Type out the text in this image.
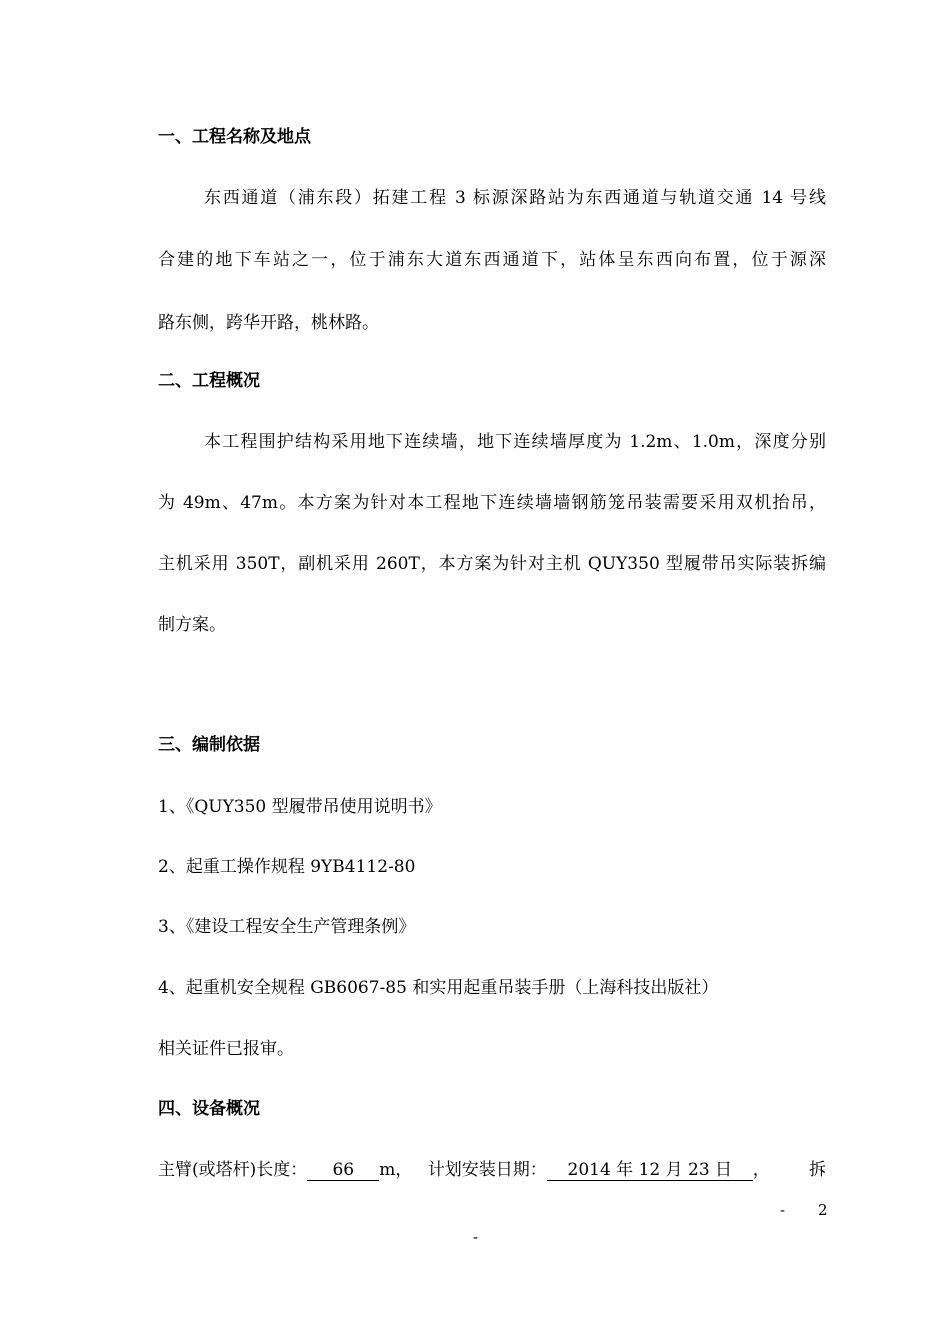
一、工程名称及地点
东西通道（浦东段）拓建工程 3 标源深路站为东西通道与轨道交通 14 号线
合建的地下车站之一，位于浦东大道东西通道下，站体呈东西向布置，位于源深
路东侧，跨华开路，桃林路。
二、工程概况
本工程围护结构采用地下连续墙，地下连续墙厚度为 1.2m、1.0m，深度分别
为 49m、47m。本方案为针对本工程地下连续墙墙钢筋笼吊装需要采用双机抬吊，
主机采用 350T，副机采用 260T，本方案为针对主机 QUY350 型履带吊实际装拆编
制方案。
三、编制依据
1、《QUY350 型履带吊使用说明书》
2、起重工操作规程 9YB4112-80
3、《建设工程安全生产管理条例》
4、起重机安全规程 GB6067-85 和实用起重吊装手册（上海科技出版社）
相关证件已报审。
四、设备概况
主臂(或塔杆)长度： 66 m， 计划安装日期： 2014 年 12 月 23 日 ， 拆
- 2
-
